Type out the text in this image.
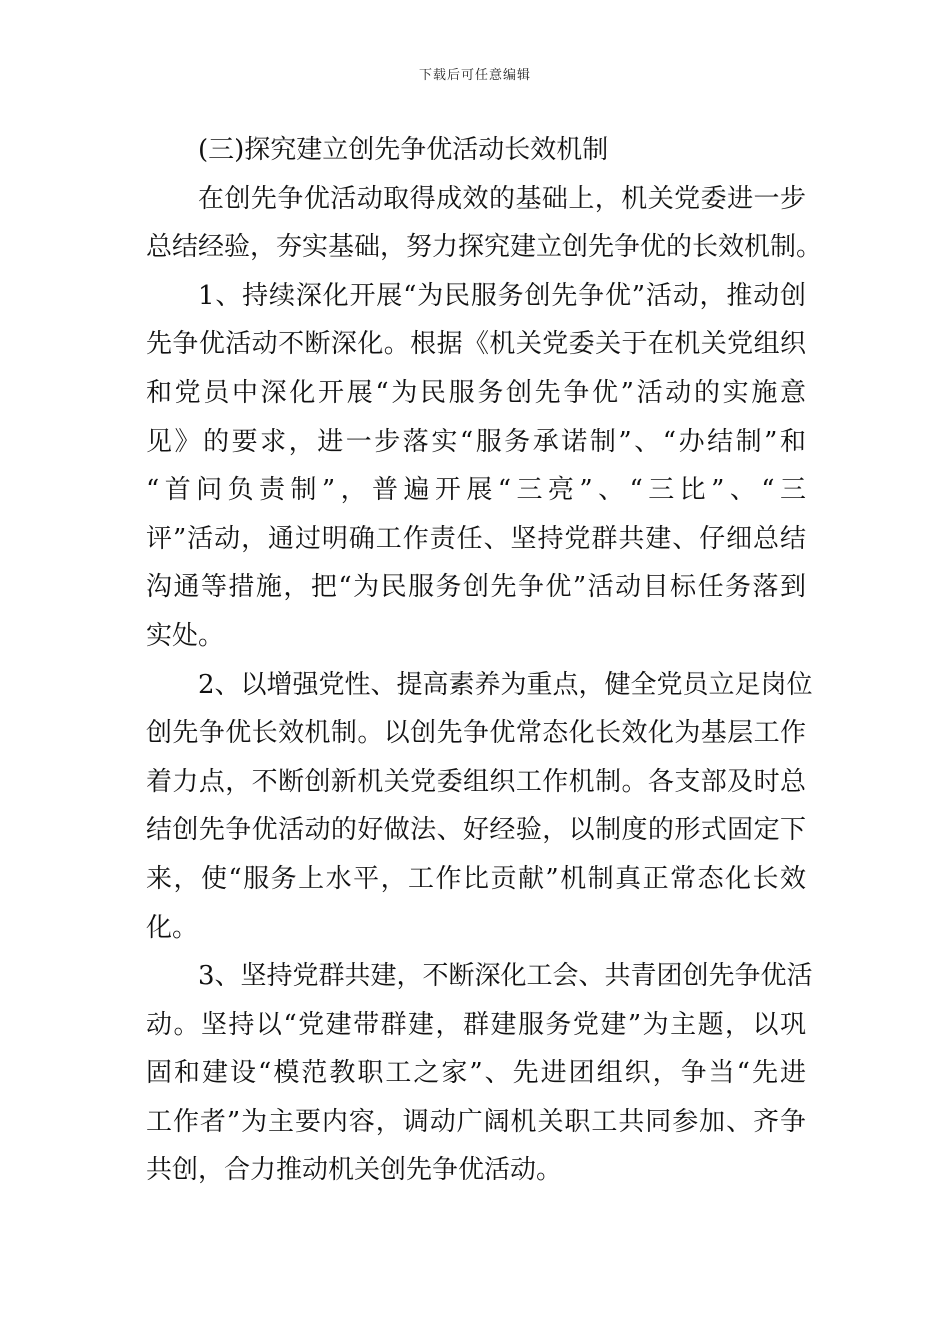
下载后可任意编辑
(三)探究建立创先争优活动长效机制
在创先争优活动取得成效的基础上，机关党委进一步
总结经验，夯实基础，努力探究建立创先争优的长效机制。
1、持续深化开展“为民服务创先争优”活动，推动创
先争优活动不断深化。根据《机关党委关于在机关党组织
和党员中深化开展“为民服务创先争优”活动的实施意
见》的要求，进一步落实“服务承诺制”、“办结制”和
“首问负责制”，普遍开展“三亮”、“三比”、“三
评”活动，通过明确工作责任、坚持党群共建、仔细总结
沟通等措施，把“为民服务创先争优”活动目标任务落到
实处。
2、以增强党性、提高素养为重点，健全党员立足岗位
创先争优长效机制。以创先争优常态化长效化为基层工作
着力点，不断创新机关党委组织工作机制。各支部及时总
结创先争优活动的好做法、好经验，以制度的形式固定下
来，使“服务上水平，工作比贡献”机制真正常态化长效
化。
3、坚持党群共建，不断深化工会、共青团创先争优活
动。坚持以“党建带群建，群建服务党建”为主题，以巩
固和建设“模范教职工之家”、先进团组织，争当“先进
工作者”为主要内容，调动广阔机关职工共同参加、齐争
共创，合力推动机关创先争优活动。
